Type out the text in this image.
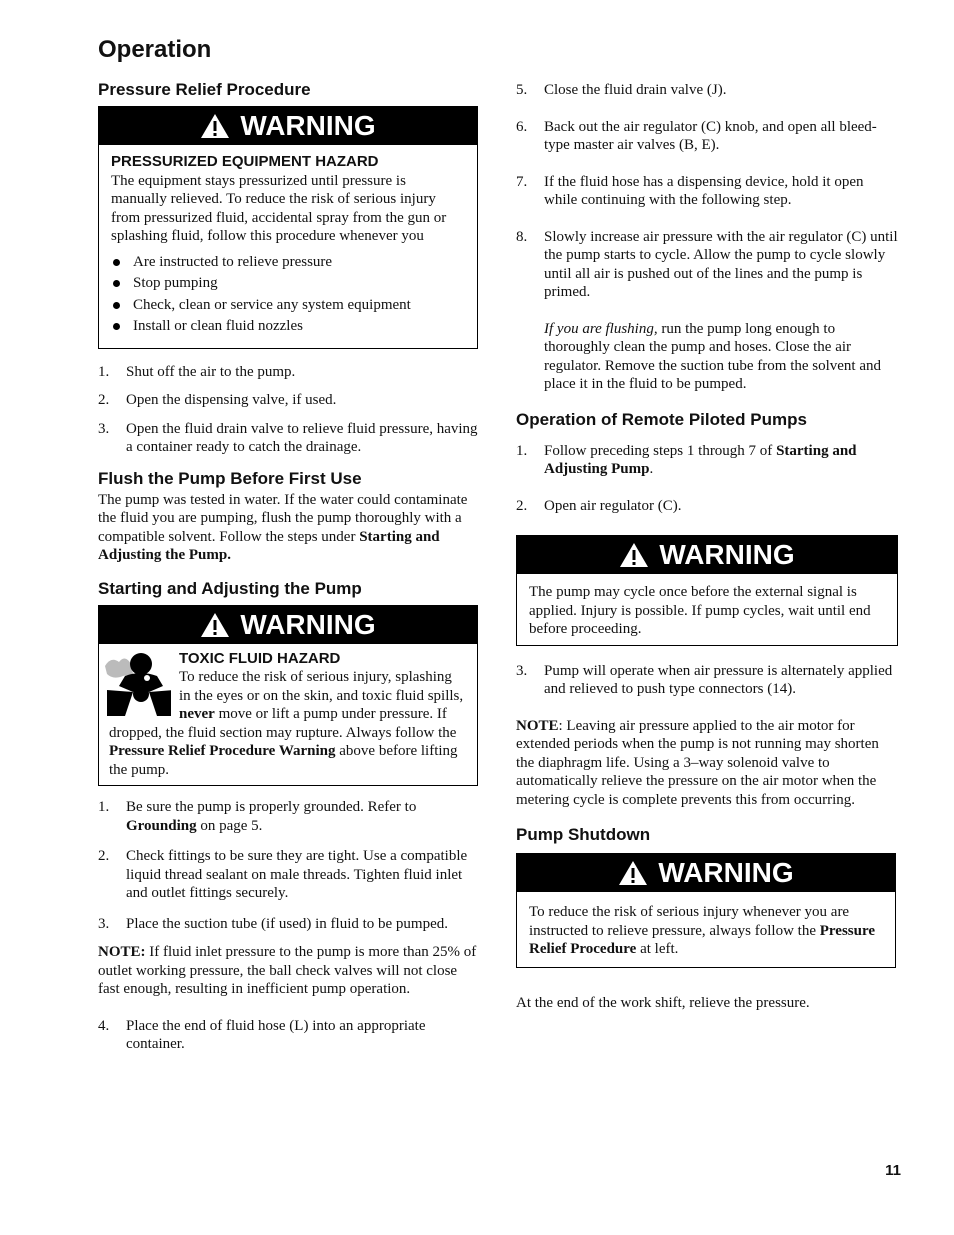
Operation
Pressure Relief Procedure
WARNING

PRESSURIZED EQUIPMENT HAZARD

The equipment stays pressurized until pressure is manually relieved. To reduce the risk of serious injury from pressurized fluid, accidental spray from the gun or splashing fluid, follow this procedure whenever you

Are instructed to relieve pressure
Stop pumping
Check, clean or service any system equipment
Install or clean fluid nozzles
1. Shut off the air to the pump.
2. Open the dispensing valve, if used.
3. Open the fluid drain valve to relieve fluid pressure, having a container ready to catch the drainage.
Flush the Pump Before First Use

The pump was tested in water. If the water could contaminate the fluid you are pumping, flush the pump thoroughly with a compatible solvent. Follow the steps under Starting and Adjusting the Pump.

Starting and Adjusting the Pump
WARNING

TOXIC FLUID HAZARD

To reduce the risk of serious injury, splashing in the eyes or on the skin, and toxic fluid spills, never move or lift a pump under pressure. If dropped, the fluid section may rupture. Always follow the Pressure Relief Procedure Warning above before lifting the pump.

1. Be sure the pump is properly grounded. Refer to Grounding on page 5.
2. Check fittings to be sure they are tight. Use a compatible liquid thread sealant on male threads. Tighten fluid inlet and outlet fittings securely.
3. Place the suction tube (if used) in fluid to be pumped.

NOTE: If fluid inlet pressure to the pump is more than 25% of outlet working pressure, the ball check valves will not close fast enough, resulting in inefficient pump operation.

4. Place the end of fluid hose (L) into an appropriate container.
5. Close the fluid drain valve (J).
6. Back out the air regulator (C) knob, and open all bleed-type master air valves (B, E).
7. If the fluid hose has a dispensing device, hold it open while continuing with the following step.
8. Slowly increase air pressure with the air regulator (C) until the pump starts to cycle. Allow the pump to cycle slowly until all air is pushed out of the lines and the pump is primed.
If you are flushing, run the pump long enough to thoroughly clean the pump and hoses. Close the air regulator. Remove the suction tube from the solvent and place it in the fluid to be pumped.
Operation of Remote Piloted Pumps
1. Follow preceding steps 1 through 7 of Starting and Adjusting Pump.
2. Open air regulator (C).
WARNING

The pump may cycle once before the external signal is applied. Injury is possible. If pump cycles, wait until end before proceeding.

3. Pump will operate when air pressure is alternately applied and relieved to push type connectors (14).

NOTE: Leaving air pressure applied to the air motor for extended periods when the pump is not running may shorten the diaphragm life. Using a 3–way solenoid valve to automatically relieve the pressure on the air motor when the metering cycle is complete prevents this from occurring.

Pump Shutdown
WARNING

To reduce the risk of serious injury whenever you are instructed to relieve pressure, always follow the Pressure Relief Procedure at left.

At the end of the work shift, relieve the pressure.

11
